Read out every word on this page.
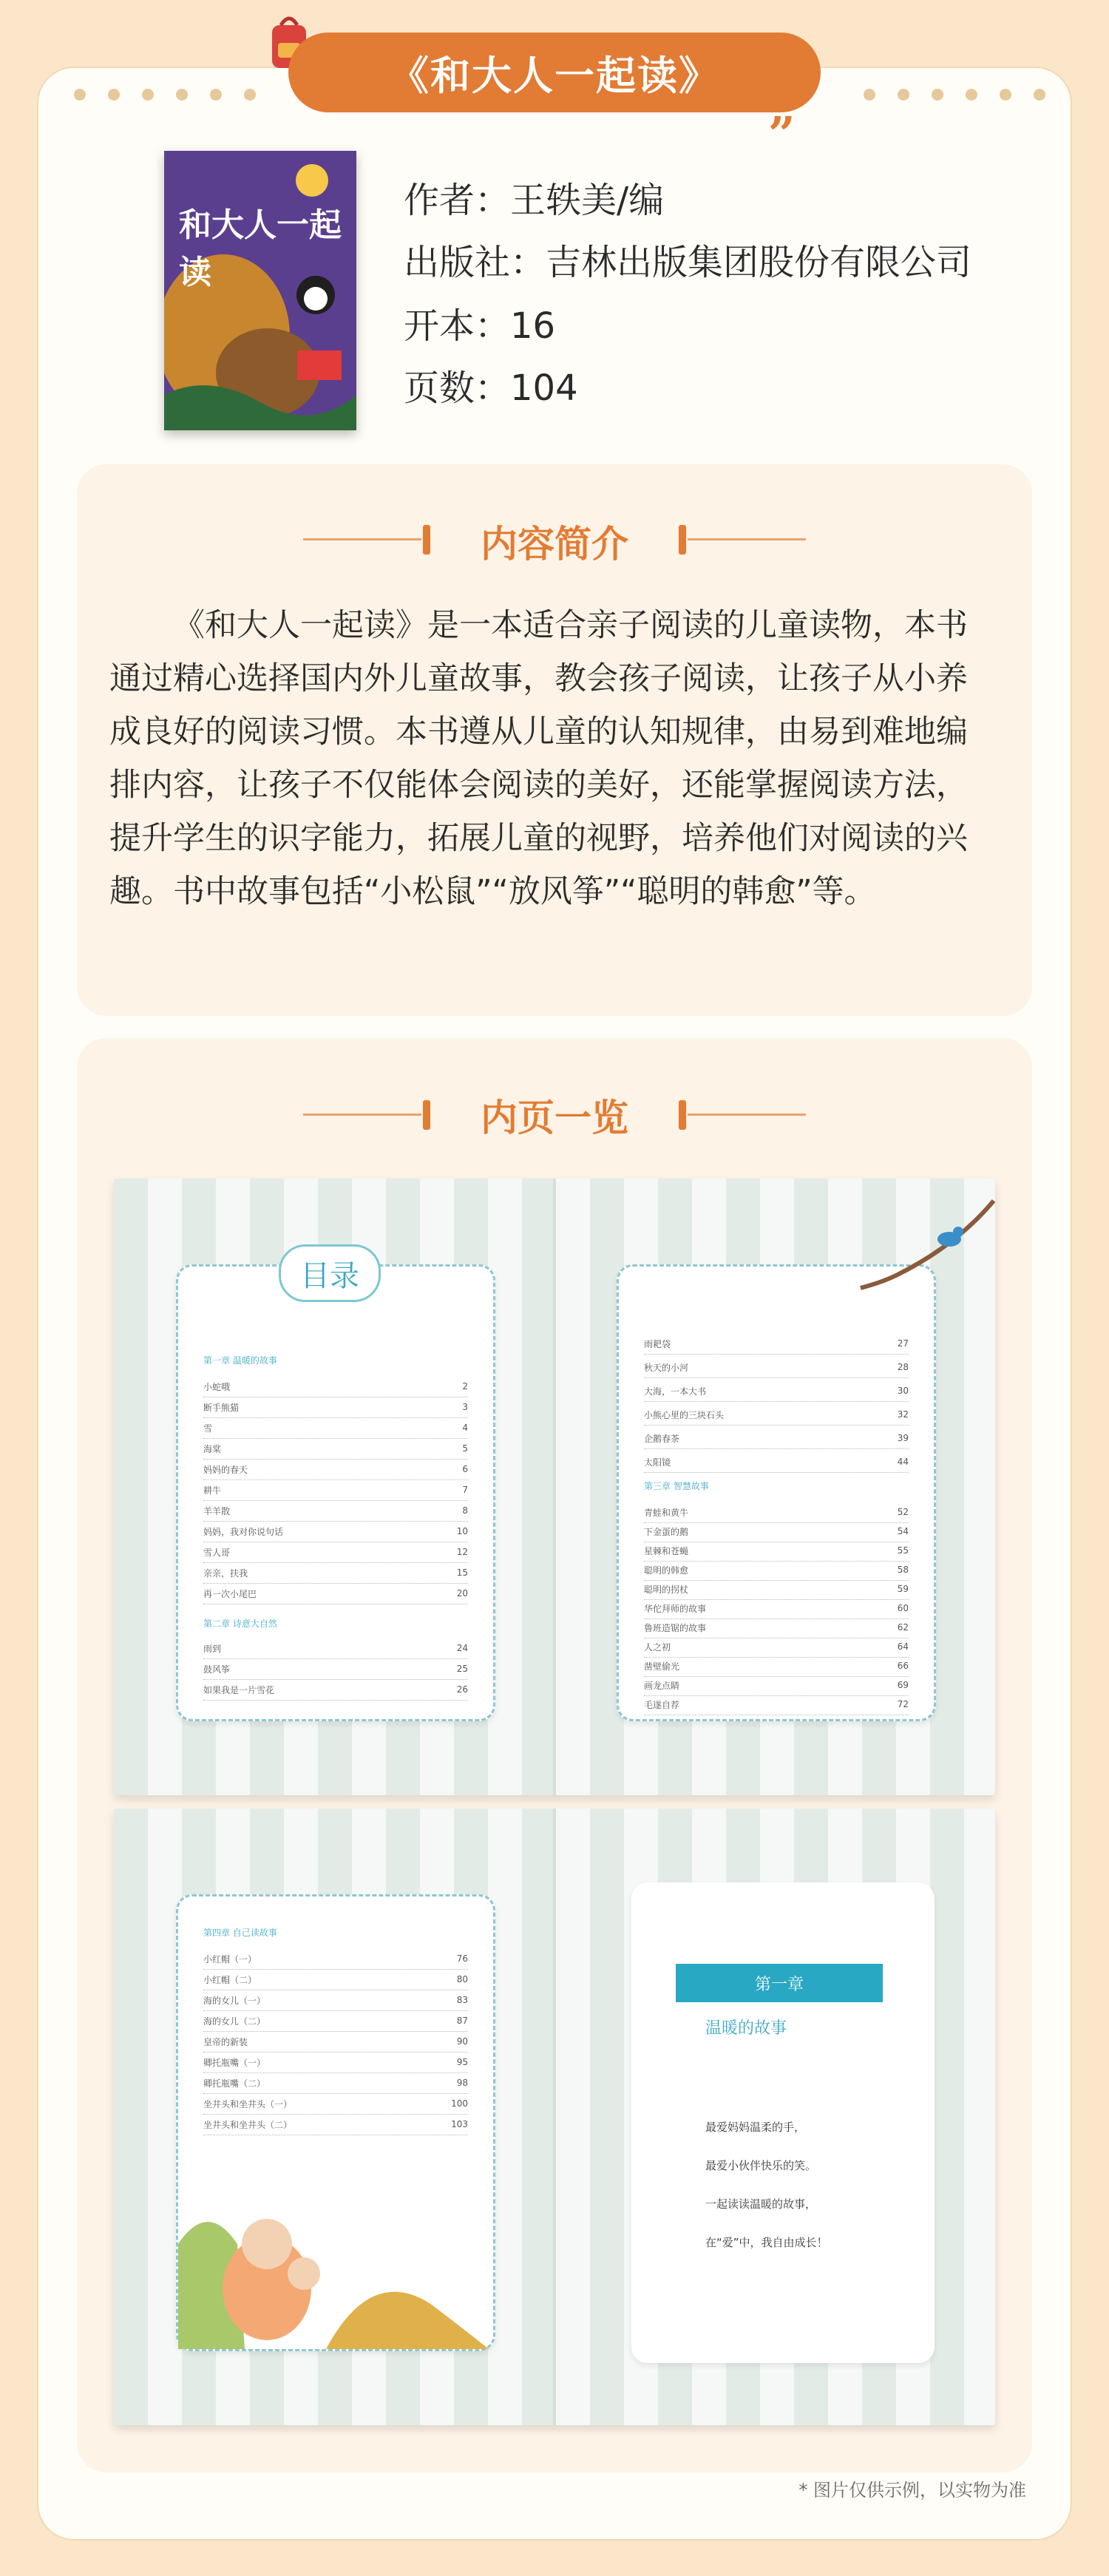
《和大人一起读》
„
和大人一起读
作者：王轶美/编
出版社：吉林出版集团股份有限公司
开本：16
页数：104
内容简介
《和大人一起读》是一本适合亲子阅读的儿童读物，本书通过精心选择国内外儿童故事，教会孩子阅读，让孩子从小养成良好的阅读习惯。本书遵从儿童的认知规律，由易到难地编排内容，让孩子不仅能体会阅读的美好，还能掌握阅读方法，提升学生的识字能力，拓展儿童的视野，培养他们对阅读的兴趣。书中故事包括“小松鼠”“放风筝”“聪明的韩愈”等。
内页一览
目录
第一章 温暖的故事
小蛇哦	2
断手熊猫	3
雪	4
海棠	5
妈妈的春天	6
耕牛	7
羊羊散	8
妈妈，我对你说句话	10
雪人哥	12
亲亲，扶我	15
再一次小尾巴	20
第二章 诗意大自然
雨到	24
鼓风筝	25
如果我是一片雪花	26
雨耙袋	27
秋天的小河	28
大海，一本大书	30
小熊心里的三块石头	32
企鹅春茶	39
太阳镜	44
第三章 智慧故事
青蛙和黄牛	52
下金蛋的鹅	54
星棘和苍蝇	55
聪明的韩愈	58
聪明的拐杖	59
华佗拜师的故事	60
鲁班造锯的故事	62
人之初	64
凿壁偷光	66
画龙点睛	69
毛遂自荐	72
第四章 自己读故事
小红帽（一）	76
小红帽（二）	80
海的女儿（一）	83
海的女儿（二）	87
皇帝的新装	90
卿托瓶嘴（一）	95
卿托瓶嘴（二）	98
坐井头和坐井头（一）	100
坐井头和坐井头（二）	103
第一章
温暖的故事
最爱妈妈温柔的手，
最爱小伙伴快乐的笑。
一起读读温暖的故事，
在“爱”中，我自由成长！
* 图片仅供示例，以实物为准
